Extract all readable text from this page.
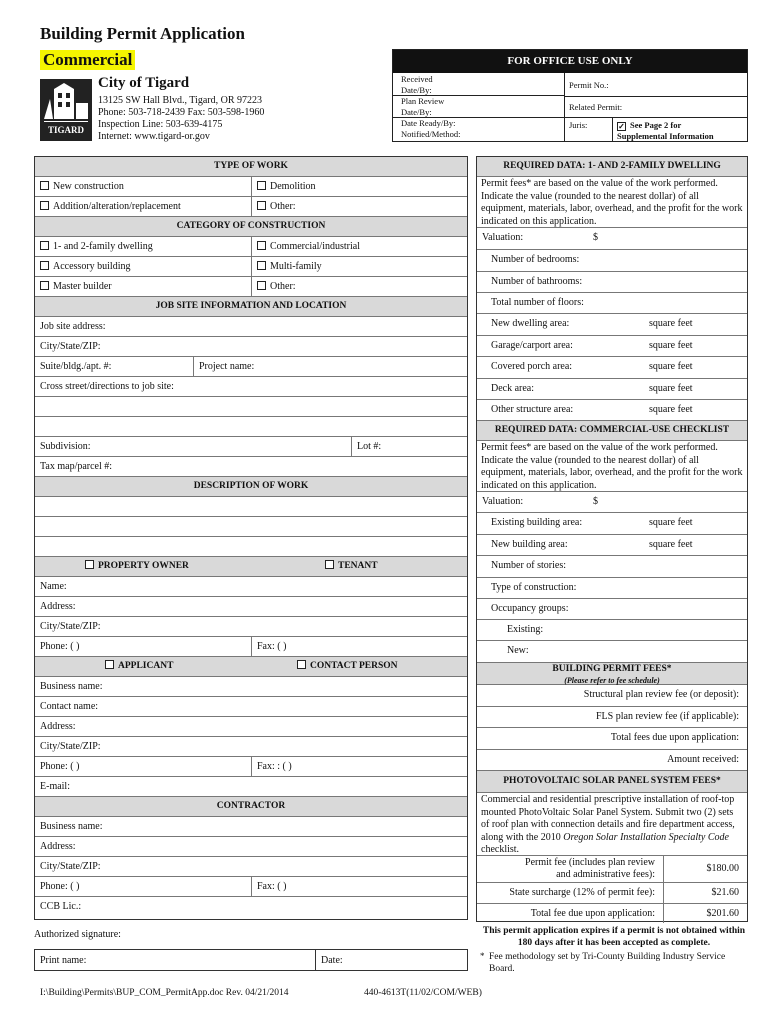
Building Permit Application
Commercial
TIGARD
City of Tigard
13125 SW Hall Blvd., Tigard, OR 97223
Phone: 503-718-2439 Fax: 503-598-1960
Inspection Line: 503-639-4175
Internet: www.tigard-or.gov
FOR OFFICE USE ONLY
Received
Date/By:
Plan Review
Date/By:
Date Ready/By:
Notified/Method:
Permit No.:
Related Permit:
Juris:	✓ See Page 2 for
Supplemental Information
TYPE OF WORK
New construction	Demolition
Addition/alteration/replacement	Other:
CATEGORY OF CONSTRUCTION
1- and 2-family dwelling	Commercial/industrial
Accessory building	Multi-family
Master builder	Other:
JOB SITE INFORMATION AND LOCATION
Job site address:
City/State/ZIP:
Suite/bldg./apt. #:	Project name:
Cross street/directions to job site:
Subdivision:	Lot #:
Tax map/parcel #:
DESCRIPTION OF WORK
PROPERTY OWNER	TENANT
Name:
Address:
City/State/ZIP:
Phone: ( )	Fax: ( )
APPLICANT	CONTACT PERSON
Business name:
Contact name:
Address:
City/State/ZIP:
Phone: ( )	Fax: : ( )
E-mail:
CONTRACTOR
Business name:
Address:
City/State/ZIP:
Phone: ( )	Fax: ( )
CCB Lic.:
REQUIRED DATA: 1- AND 2-FAMILY DWELLING
Permit fees* are based on the value of the work performed. Indicate the value (rounded to the nearest dollar) of all equipment, materials, labor, overhead, and the profit for the work indicated on this application.
Valuation:	$
Number of bedrooms:
Number of bathrooms:
Total number of floors:
New dwelling area:	square feet
Garage/carport area:	square feet
Covered porch area:	square feet
Deck area:	square feet
Other structure area:	square feet
REQUIRED DATA: COMMERCIAL-USE CHECKLIST
Permit fees* are based on the value of the work performed. Indicate the value (rounded to the nearest dollar) of all equipment, materials, labor, overhead, and the profit for the work indicated on this application.
Valuation:	$
Existing building area:	square feet
New building area:	square feet
Number of stories:
Type of construction:
Occupancy groups:
Existing:
New:
BUILDING PERMIT FEES*
(Please refer to fee schedule)
Structural plan review fee (or deposit):
FLS plan review fee (if applicable):
Total fees due upon application:
Amount received:
PHOTOVOLTAIC SOLAR PANEL SYSTEM FEES*
Commercial and residential prescriptive installation of roof-top mounted PhotoVoltaic Solar Panel System. Submit two (2) sets of roof plan with connection details and fire department access, along with the 2010 Oregon Solar Installation Specialty Code checklist.
Permit fee (includes plan review
and administrative fees):
$180.00
State surcharge (12% of permit fee):	$21.60
Total fee due upon application:	$201.60
This permit application expires if a permit is not obtained within 180 days after it has been accepted as complete.
* Fee methodology set by Tri-County Building Industry Service Board.
Authorized signature:
Print name:	Date:
I:\Building\Permits\BUP_COM_PermitApp.doc Rev. 04/21/2014	440-4613T(11/02/COM/WEB)
